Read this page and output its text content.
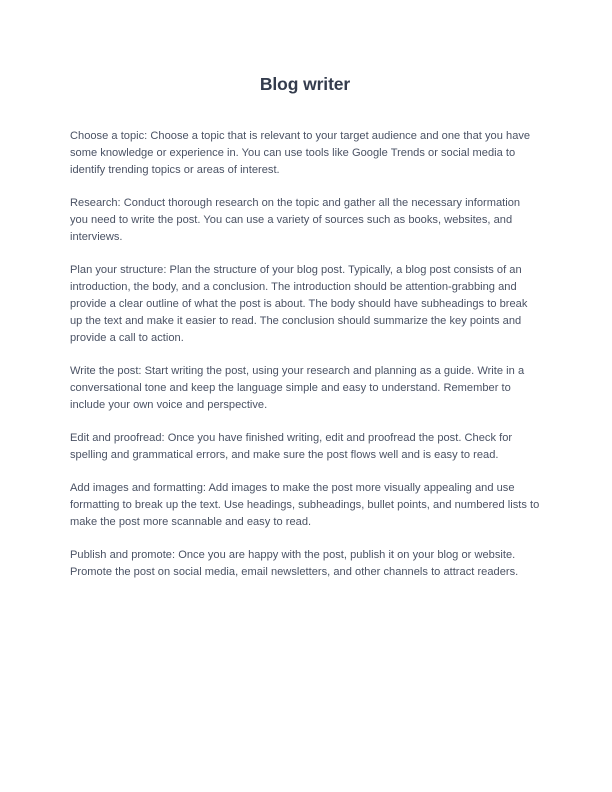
Blog writer

Choose a topic: Choose a topic that is relevant to your target audience and one that you have some knowledge or experience in. You can use tools like Google Trends or social media to identify trending topics or areas of interest.

Research: Conduct thorough research on the topic and gather all the necessary information you need to write the post. You can use a variety of sources such as books, websites, and interviews.

Plan your structure: Plan the structure of your blog post. Typically, a blog post consists of an introduction, the body, and a conclusion. The introduction should be attention-grabbing and provide a clear outline of what the post is about. The body should have subheadings to break up the text and make it easier to read. The conclusion should summarize the key points and provide a call to action.

Write the post: Start writing the post, using your research and planning as a guide. Write in a conversational tone and keep the language simple and easy to understand. Remember to include your own voice and perspective.

Edit and proofread: Once you have finished writing, edit and proofread the post. Check for spelling and grammatical errors, and make sure the post flows well and is easy to read.

Add images and formatting: Add images to make the post more visually appealing and use formatting to break up the text. Use headings, subheadings, bullet points, and numbered lists to make the post more scannable and easy to read.

Publish and promote: Once you are happy with the post, publish it on your blog or website. Promote the post on social media, email newsletters, and other channels to attract readers.
